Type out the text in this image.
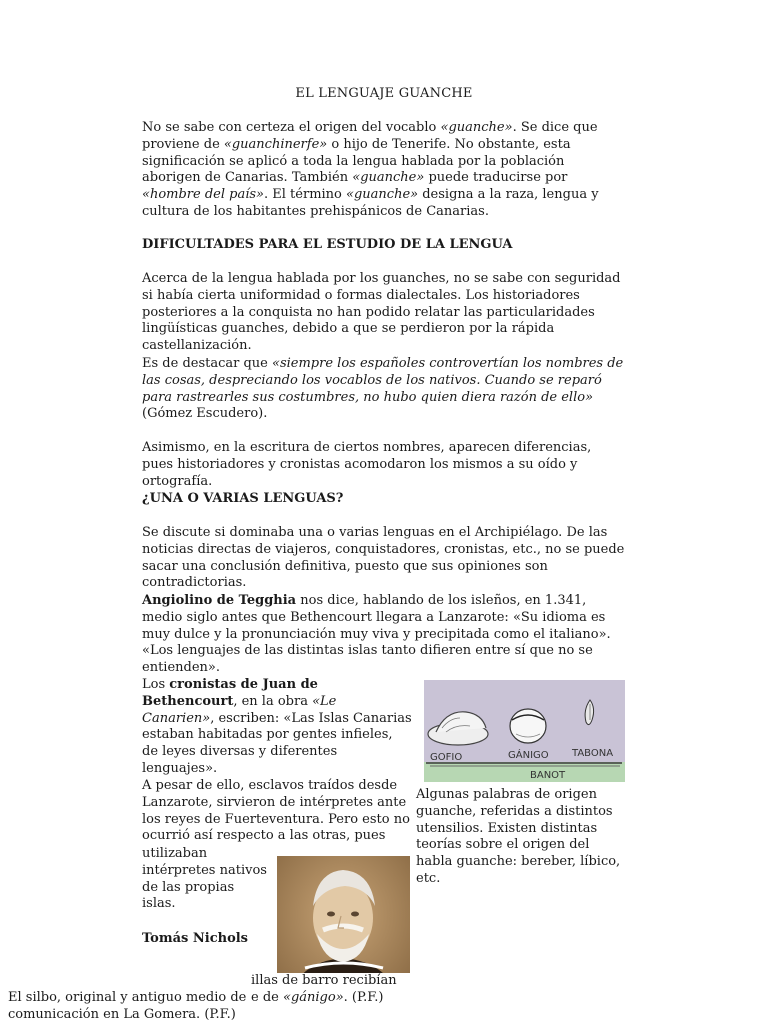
EL LENGUAJE GUANCHE

No se sabe con certeza el origen del vocablo «guanche». Se dice que proviene de «guanchinerfe» o hijo de Tenerife. No obstante, esta significación se aplicó a toda la lengua hablada por la población aborigen de Canarias. También «guanche» puede traducirse por «hombre del país». El término «guanche» designa a la raza, lengua y cultura de los habitantes prehispánicos de Canarias.

DIFICULTADES PARA EL ESTUDIO DE LA LENGUA

Acerca de la lengua hablada por los guanches, no se sabe con seguridad si había cierta uniformidad o formas dialectales. Los historiadores posteriores a la conquista no han podido relatar las particularidades lingüísticas guanches, debido a que se perdieron por la rápida castellanización.

Es de destacar que «siempre los españoles controvertían los nombres de las cosas, despreciando los vocablos de los nativos. Cuando se reparó para rastrearles sus costumbres, no hubo quien diera razón de ello» (Gómez Escudero).

Asimismo, en la escritura de ciertos nombres, aparecen diferencias, pues historiadores y cronistas acomodaron los mismos a su oído y ortografía.

¿UNA O VARIAS LENGUAS?

Se discute si dominaba una o varias lenguas en el Archipiélago. De las noticias directas de viajeros, conquistadores, cronistas, etc., no se puede sacar una conclusión definitiva, puesto que sus opiniones son contradictorias.

Angiolino de Tegghia nos dice, hablando de los isleños, en 1.341, medio siglo antes que Bethencourt llegara a Lanzarote: «Su idioma es muy dulce y la pronunciación muy viva y precipitada como el italiano». «Los lenguajes de las distintas islas tanto difieren entre sí que no se entienden».

Los cronistas de Juan de Bethencourt, en la obra «Le Canarien», escriben: «Las Islas Canarias estaban habitadas por gentes infieles, de leyes diversas y diferentes lenguajes».

A pesar de ello, esclavos traídos desde Lanzarote, sirvieron de intérpretes ante los reyes de Fuerteventura. Pero esto no ocurrió así respecto a las otras, pues

utilizaban
intérpretes nativos
de las propias
islas.
Tomás Nichols
GOFIO	GÁNIGO TABONA
BANOT

Algunas palabras de origen guanche, referidas a distintos utensilios. Existen distintas teorías sobre el origen del habla guanche: bereber, líbico, etc.

illas de barro recibían
e de «gánigo». (P.F.)

El silbo, original y antiguo medio de comunicación en La Gomera. (P.F.)
